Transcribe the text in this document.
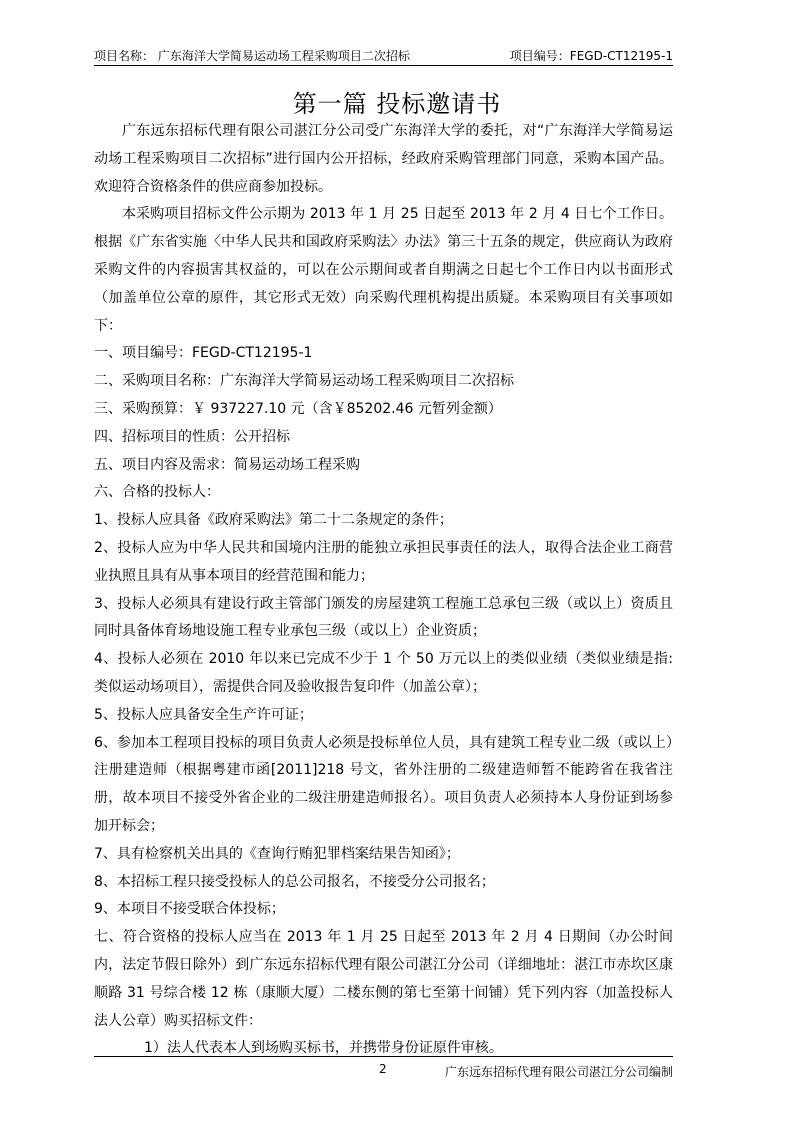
项目名称： 广东海洋大学简易运动场工程采购项目二次招标	项目编号：FEGD-CT12195-1
第一篇 投标邀请书

广东远东招标代理有限公司湛江分公司受广东海洋大学的委托，对“广东海洋大学简易运动场工程采购项目二次招标”进行国内公开招标，经政府采购管理部门同意，采购本国产品。欢迎符合资格条件的供应商参加投标。

本采购项目招标文件公示期为 2013 年 1 月 25 日起至 2013 年 2 月 4 日七个工作日。根据《广东省实施〈中华人民共和国政府采购法〉办法》第三十五条的规定，供应商认为政府采购文件的内容损害其权益的，可以在公示期间或者自期满之日起七个工作日内以书面形式（加盖单位公章的原件，其它形式无效）向采购代理机构提出质疑。本采购项目有关事项如下：

一、项目编号：FEGD-CT12195-1

二、采购项目名称：广东海洋大学简易运动场工程采购项目二次招标

三、采购预算：￥ 937227.10 元（含￥85202.46 元暂列金额）

四、招标项目的性质：公开招标

五、项目内容及需求：简易运动场工程采购

六、合格的投标人：

1、投标人应具备《政府采购法》第二十二条规定的条件；

2、投标人应为中华人民共和国境内注册的能独立承担民事责任的法人，取得合法企业工商营业执照且具有从事本项目的经营范围和能力；

3、投标人必须具有建设行政主管部门颁发的房屋建筑工程施工总承包三级（或以上）资质且同时具备体育场地设施工程专业承包三级（或以上）企业资质；

4、投标人必须在 2010 年以来已完成不少于 1 个 50 万元以上的类似业绩（类似业绩是指: 类似运动场项目），需提供合同及验收报告复印件（加盖公章）；

5、投标人应具备安全生产许可证；

6、参加本工程项目投标的项目负责人必须是投标单位人员，具有建筑工程专业二级（或以上）注册建造师（根据粤建市函[2011]218 号文，省外注册的二级建造师暂不能跨省在我省注册，故本项目不接受外省企业的二级注册建造师报名）。项目负责人必须持本人身份证到场参加开标会；

7、具有检察机关出具的《查询行贿犯罪档案结果告知函》；

8、本招标工程只接受投标人的总公司报名，不接受分公司报名；

9、本项目不接受联合体投标；

七、符合资格的投标人应当在 2013 年 1 月 25 日起至 2013 年 2 月 4 日期间（办公时间内，法定节假日除外）到广东远东招标代理有限公司湛江分公司（详细地址：湛江市赤坎区康顺路 31 号综合楼 12 栋（康顺大厦）二楼东侧的第七至第十间铺）凭下列内容（加盖投标人法人公章）购买招标文件：

1）法人代表本人到场购买标书，并携带身份证原件审核。

2	广东远东招标代理有限公司湛江分公司编制
